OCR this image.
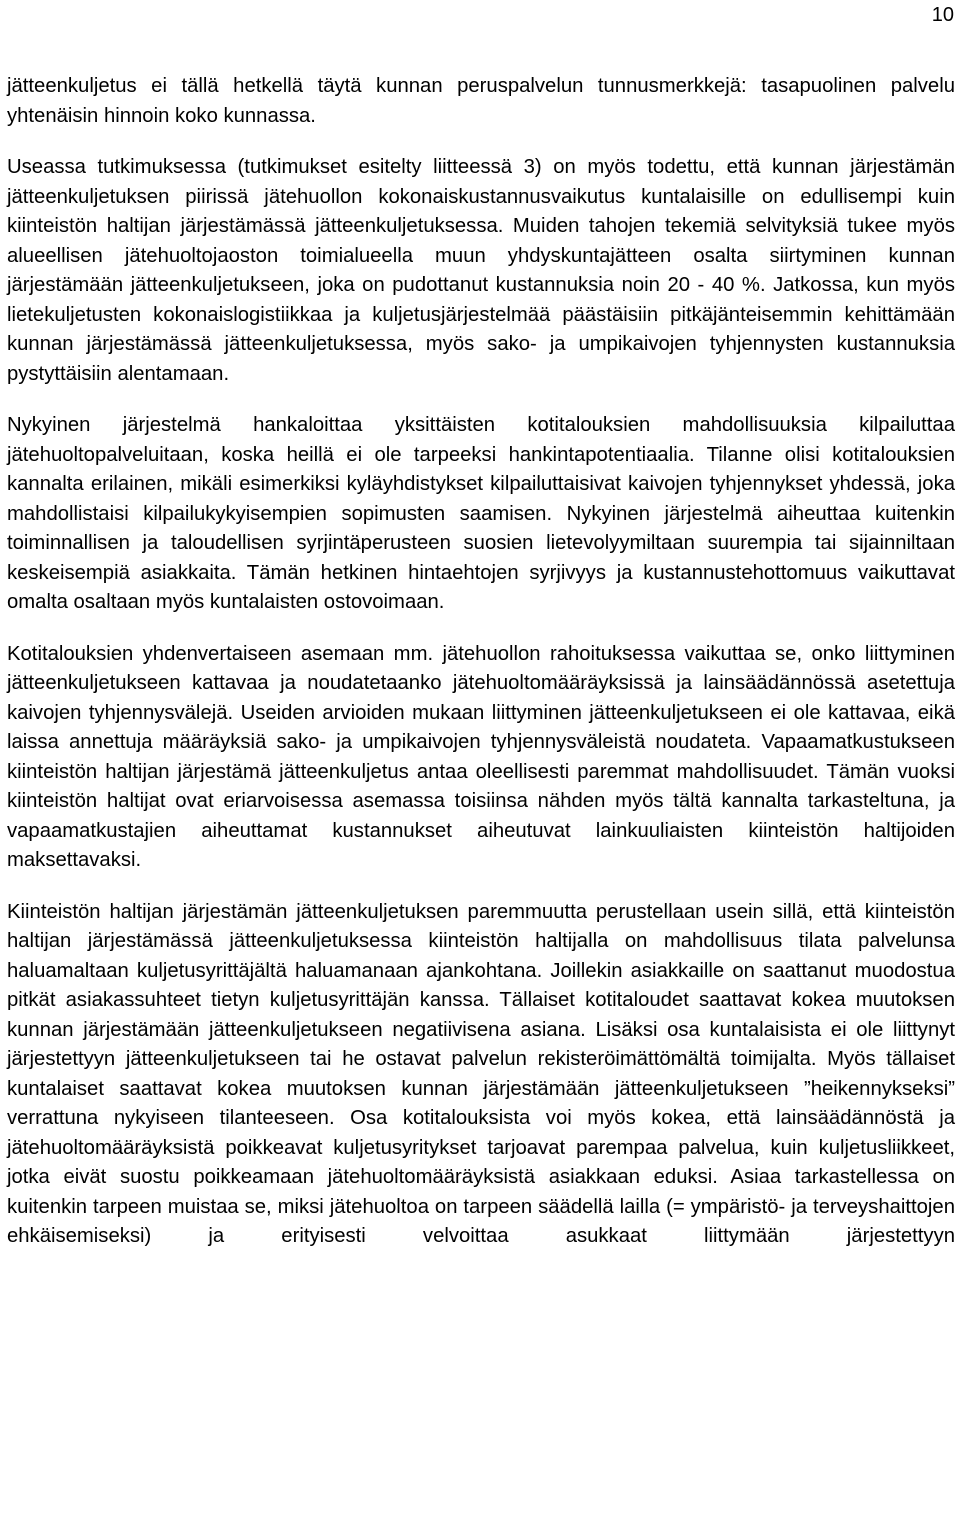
10

jätteenkuljetus ei tällä hetkellä täytä kunnan peruspalvelun tunnusmerkkejä: tasapuolinen palvelu yhtenäisin hinnoin koko kunnassa.

Useassa tutkimuksessa (tutkimukset esitelty liitteessä 3) on myös todettu, että kunnan järjestämän jätteenkuljetuksen piirissä jätehuollon kokonaiskustannusvaikutus kuntalaisille on edullisempi kuin kiinteistön haltijan järjestämässä jätteenkuljetuksessa. Muiden tahojen tekemiä selvityksiä tukee myös alueellisen jätehuoltojaoston toimialueella muun yhdyskuntajätteen osalta siirtyminen kunnan järjestämään jätteenkuljetukseen, joka on pudottanut kustannuksia noin 20 - 40 %. Jatkossa, kun myös lietekuljetusten kokonaislogistiikkaa ja kuljetusjärjestelmää päästäisiin pitkäjänteisemmin kehittämään kunnan järjestämässä jätteenkuljetuksessa, myös sako- ja umpikaivojen tyhjennysten kustannuksia pystyttäisiin alentamaan.

Nykyinen järjestelmä hankaloittaa yksittäisten kotitalouksien mahdollisuuksia kilpailuttaa jätehuoltopalveluitaan, koska heillä ei ole tarpeeksi hankintapotentiaalia. Tilanne olisi kotitalouksien kannalta erilainen, mikäli esimerkiksi kyläyhdistykset kilpailuttaisivat kaivojen tyhjennykset yhdessä, joka mahdollistaisi kilpailukykyisempien sopimusten saamisen. Nykyinen järjestelmä aiheuttaa kuitenkin toiminnallisen ja taloudellisen syrjintäperusteen suosien lietevolyymiltaan suurempia tai sijainniltaan keskeisempiä asiakkaita. Tämän hetkinen hintaehtojen syrjivyys ja kustannustehottomuus vaikuttavat omalta osaltaan myös kuntalaisten ostovoimaan.

Kotitalouksien yhdenvertaiseen asemaan mm. jätehuollon rahoituksessa vaikuttaa se, onko liittyminen jätteenkuljetukseen kattavaa ja noudatetaanko jätehuoltomääräyksissä ja lainsäädännössä asetettuja kaivojen tyhjennysvälejä. Useiden arvioiden mukaan liittyminen jätteenkuljetukseen ei ole kattavaa, eikä laissa annettuja määräyksiä sako- ja umpikaivojen tyhjennysväleistä noudateta. Vapaamatkustukseen kiinteistön haltijan järjestämä jätteenkuljetus antaa oleellisesti paremmat mahdollisuudet. Tämän vuoksi kiinteistön haltijat ovat eriarvoisessa asemassa toisiinsa nähden myös tältä kannalta tarkasteltuna, ja vapaamatkustajien aiheuttamat kustannukset aiheutuvat lainkuuliaisten kiinteistön haltijoiden maksettavaksi.

Kiinteistön haltijan järjestämän jätteenkuljetuksen paremmuutta perustellaan usein sillä, että kiinteistön haltijan järjestämässä jätteenkuljetuksessa kiinteistön haltijalla on mahdollisuus tilata palvelunsa haluamaltaan kuljetusyrittäjältä haluamanaan ajankohtana. Joillekin asiakkaille on saattanut muodostua pitkät asiakassuhteet tietyn kuljetusyrittäjän kanssa. Tällaiset kotitaloudet saattavat kokea muutoksen kunnan järjestämään jätteenkuljetukseen negatiivisena asiana. Lisäksi osa kuntalaisista ei ole liittynyt järjestettyyn jätteenkuljetukseen tai he ostavat palvelun rekisteröimättömältä toimijalta. Myös tällaiset kuntalaiset saattavat kokea muutoksen kunnan järjestämään jätteenkuljetukseen ”heikennykseksi” verrattuna nykyiseen tilanteeseen. Osa kotitalouksista voi myös kokea, että lainsäädännöstä ja jätehuoltomääräyksistä poikkeavat kuljetusyritykset tarjoavat parempaa palvelua, kuin kuljetusliikkeet, jotka eivät suostu poikkeamaan jätehuoltomääräyksistä asiakkaan eduksi. Asiaa tarkastellessa on kuitenkin tarpeen muistaa se, miksi jätehuoltoa on tarpeen säädellä lailla (= ympäristö- ja terveyshaittojen ehkäisemiseksi) ja erityisesti velvoittaa asukkaat liittymään järjestettyyn
